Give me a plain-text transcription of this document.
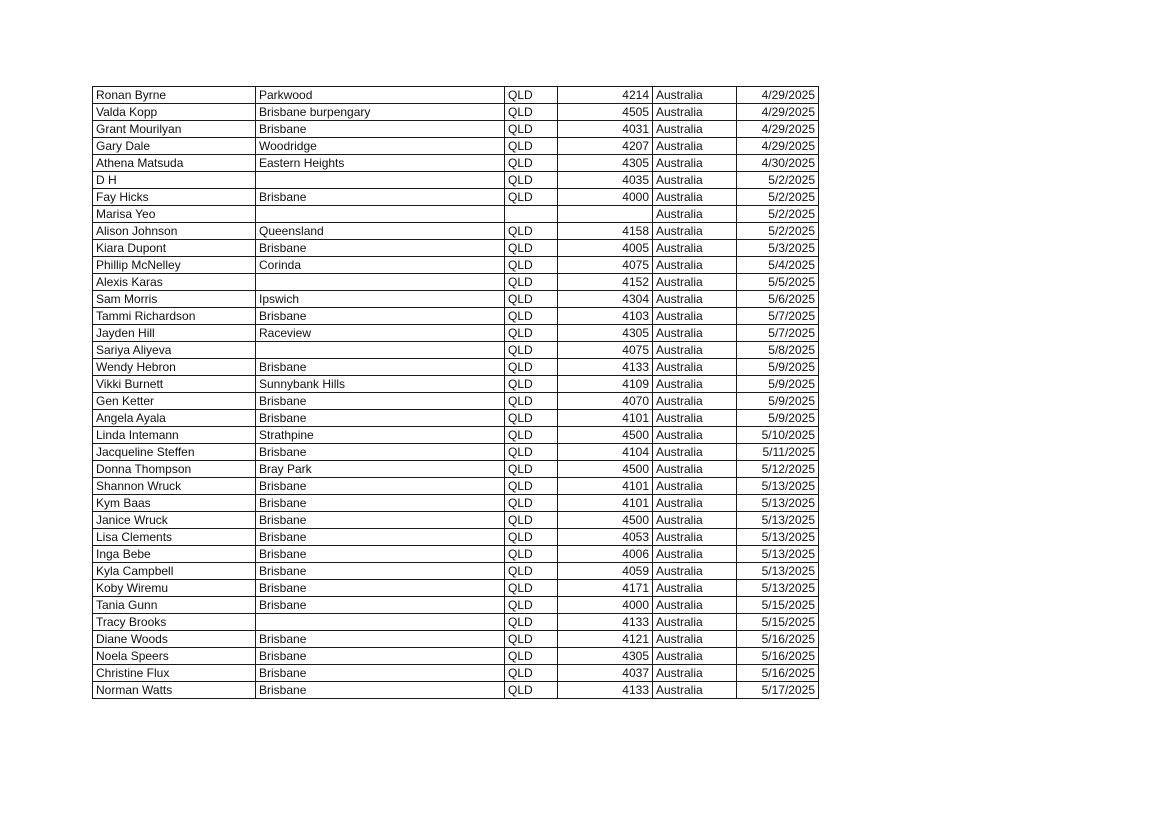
Ronan Byrne	Parkwood	QLD	4214	Australia	4/29/2025
Valda Kopp	Brisbane burpengary	QLD	4505	Australia	4/29/2025
Grant Mourilyan	Brisbane	QLD	4031	Australia	4/29/2025
Gary Dale	Woodridge	QLD	4207	Australia	4/29/2025
Athena Matsuda	Eastern Heights	QLD	4305	Australia	4/30/2025
D H		QLD	4035	Australia	5/2/2025
Fay Hicks	Brisbane	QLD	4000	Australia	5/2/2025
Marisa Yeo				Australia	5/2/2025
Alison Johnson	Queensland	QLD	4158	Australia	5/2/2025
Kiara Dupont	Brisbane	QLD	4005	Australia	5/3/2025
Phillip McNelley	Corinda	QLD	4075	Australia	5/4/2025
Alexis Karas		QLD	4152	Australia	5/5/2025
Sam Morris	Ipswich	QLD	4304	Australia	5/6/2025
Tammi Richardson	Brisbane	QLD	4103	Australia	5/7/2025
Jayden Hill	Raceview	QLD	4305	Australia	5/7/2025
Sariya Aliyeva		QLD	4075	Australia	5/8/2025
Wendy Hebron	Brisbane	QLD	4133	Australia	5/9/2025
Vikki Burnett	Sunnybank Hills	QLD	4109	Australia	5/9/2025
Gen Ketter	Brisbane	QLD	4070	Australia	5/9/2025
Angela Ayala	Brisbane	QLD	4101	Australia	5/9/2025
Linda Intemann	Strathpine	QLD	4500	Australia	5/10/2025
Jacqueline Steffen	Brisbane	QLD	4104	Australia	5/11/2025
Donna Thompson	Bray Park	QLD	4500	Australia	5/12/2025
Shannon Wruck	Brisbane	QLD	4101	Australia	5/13/2025
Kym Baas	Brisbane	QLD	4101	Australia	5/13/2025
Janice Wruck	Brisbane	QLD	4500	Australia	5/13/2025
Lisa Clements	Brisbane	QLD	4053	Australia	5/13/2025
Inga Bebe	Brisbane	QLD	4006	Australia	5/13/2025
Kyla Campbell	Brisbane	QLD	4059	Australia	5/13/2025
Koby Wiremu	Brisbane	QLD	4171	Australia	5/13/2025
Tania Gunn	Brisbane	QLD	4000	Australia	5/15/2025
Tracy Brooks		QLD	4133	Australia	5/15/2025
Diane Woods	Brisbane	QLD	4121	Australia	5/16/2025
Noela Speers	Brisbane	QLD	4305	Australia	5/16/2025
Christine Flux	Brisbane	QLD	4037	Australia	5/16/2025
Norman Watts	Brisbane	QLD	4133	Australia	5/17/2025
